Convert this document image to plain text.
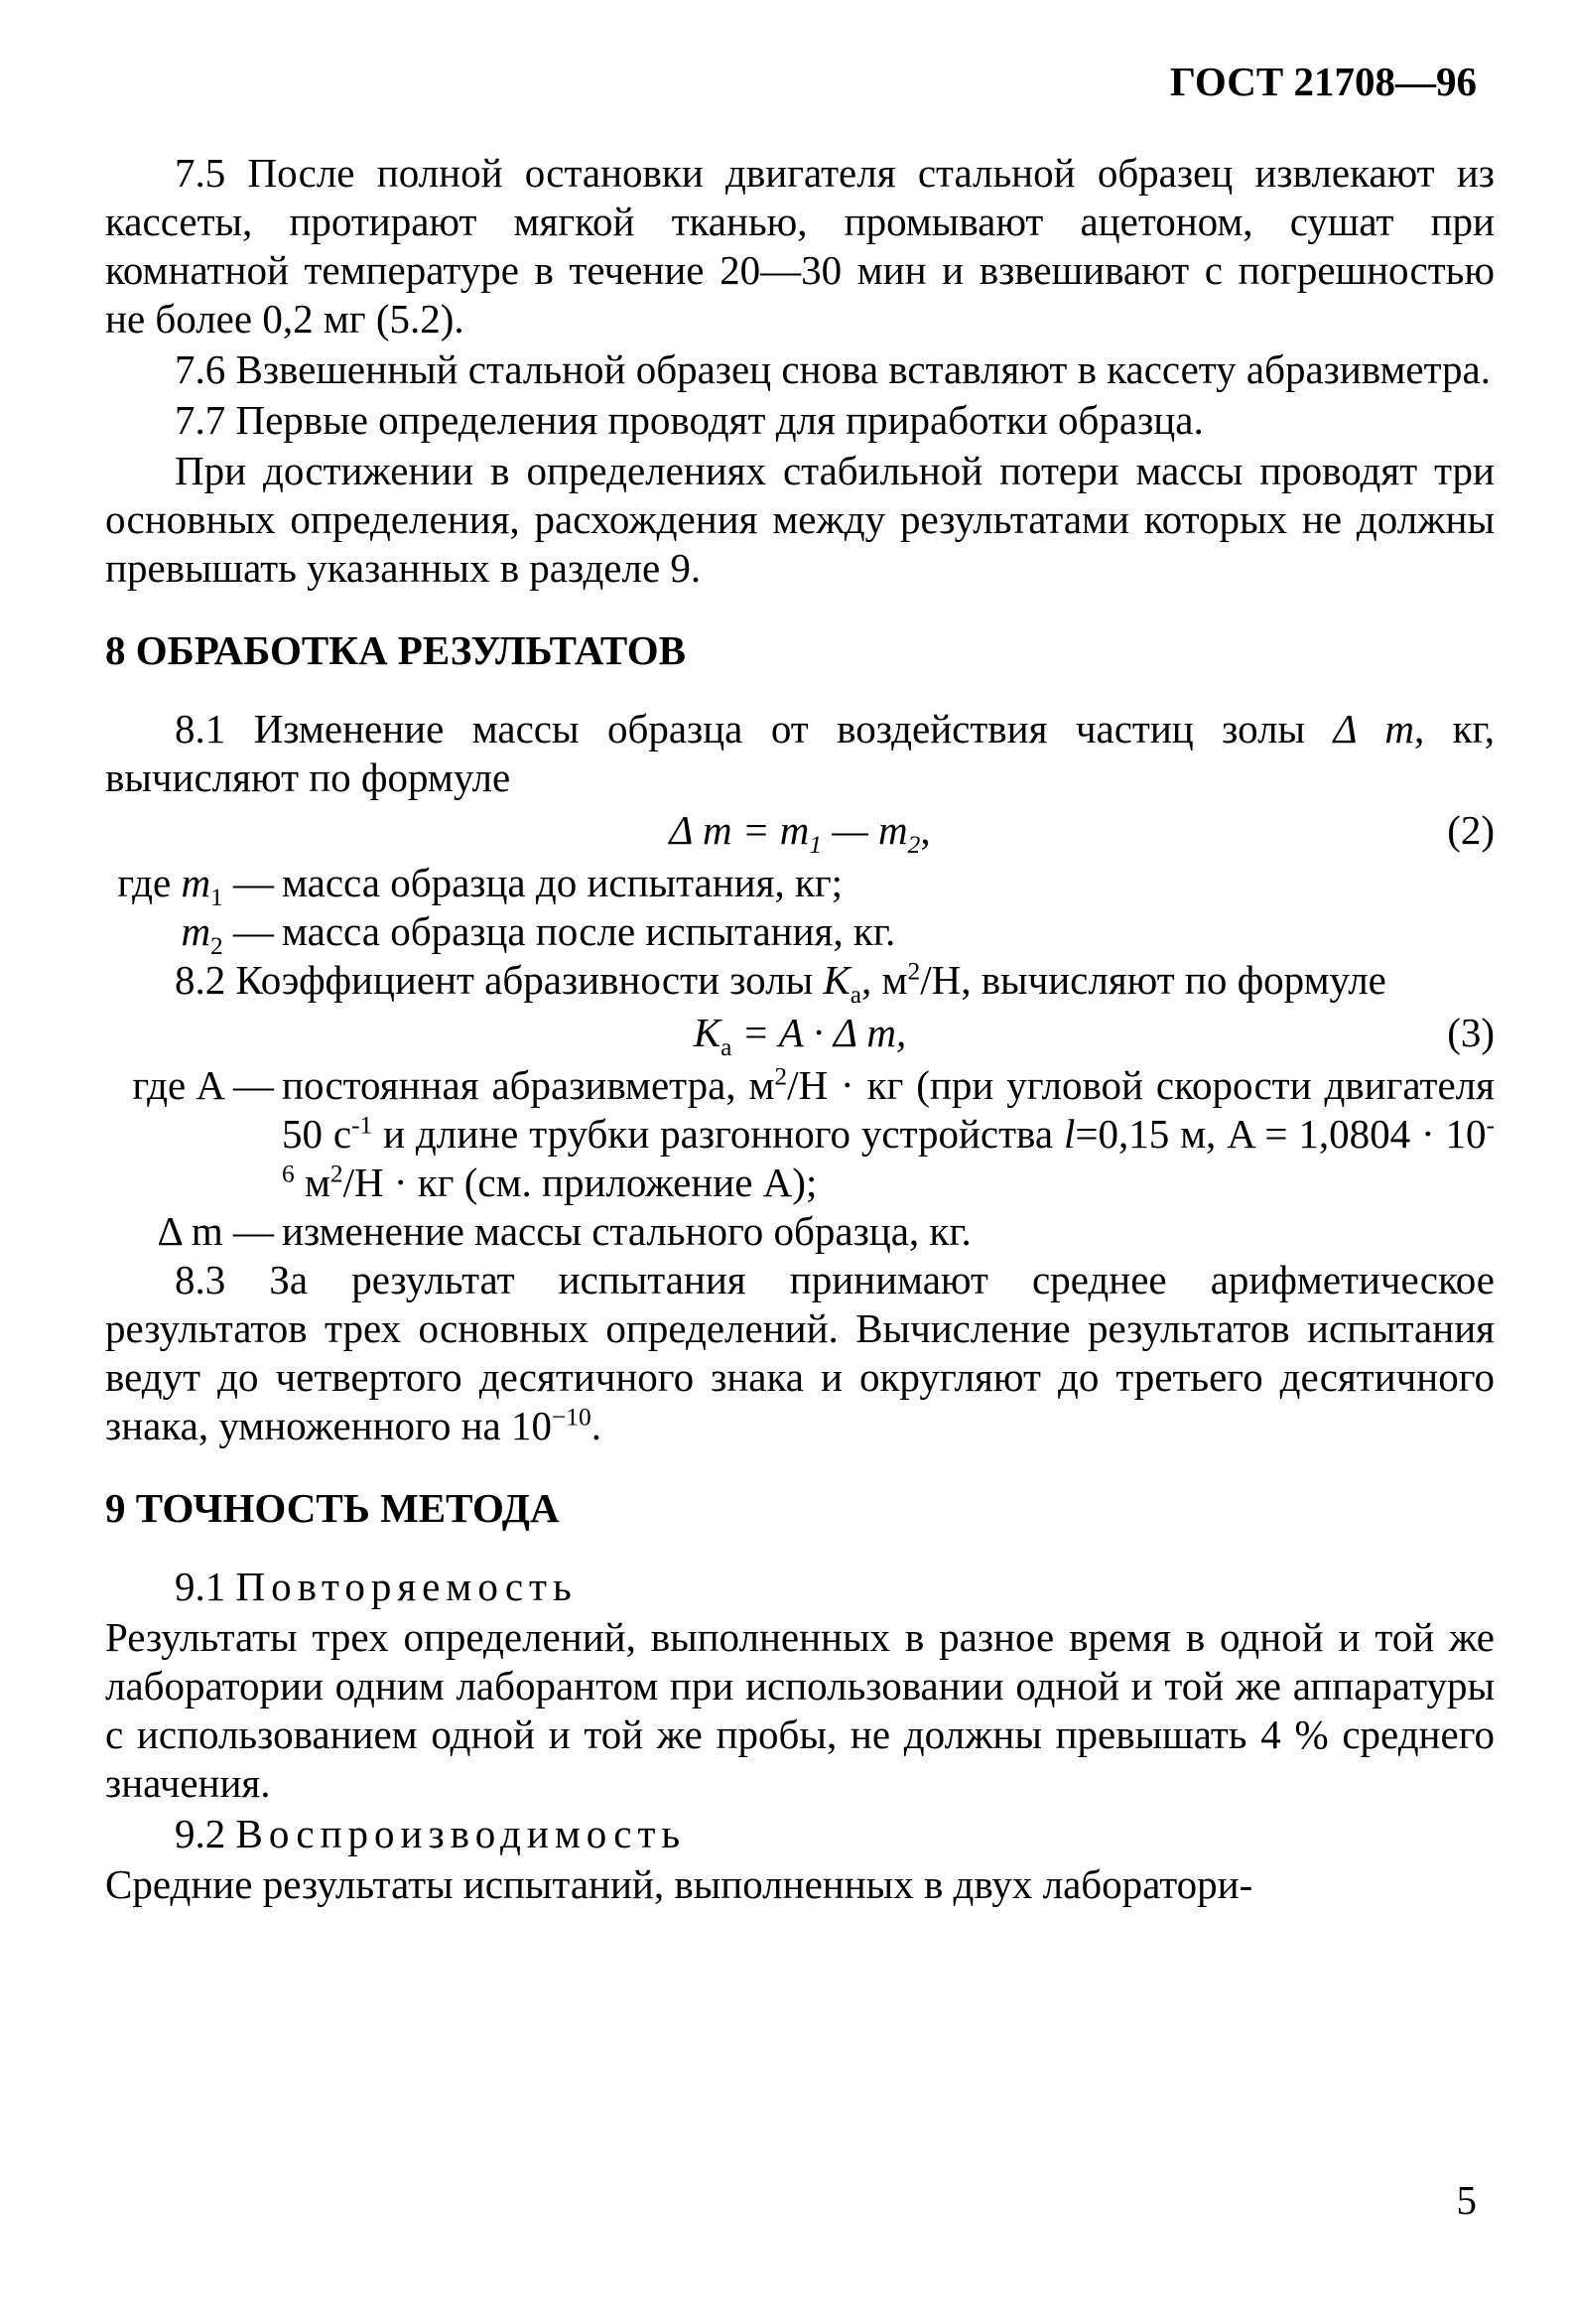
ГОСТ 21708—96

7.5 После полной остановки двигателя стальной образец извлекают из кассеты, протирают мягкой тканью, промывают ацетоном, сушат при комнатной температуре в течение 20—30 мин и взвешивают с погрешностью не более 0,2 мг (5.2).

7.6 Взвешенный стальной образец снова вставляют в кассету абразивметра.

7.7 Первые определения проводят для приработки образца.

При достижении в определениях стабильной потери массы проводят три основных определения, расхождения между результатами которых не должны превышать указанных в разделе 9.

8 ОБРАБОТКА РЕЗУЛЬТАТОВ

8.1 Изменение массы образца от воздействия частиц золы Δ m, кг, вычисляют по формуле

Δ $m = m_1$ — $m_2$,	(2)
где $m_1$ — масса образца до испытания, кг;
$m_2$ — масса образца после испытания, кг.

8.2 Коэффициент абразивности золы $K_a$, $м^2/Н$, вычисляют по формуле

$K_a = A \cdot \Delta$ m,	(3)
где A — постоянная абразивметра, $м^2/Н$ · кг (при угловой скорости двигателя 50 $с^{-1}$ и длине трубки разгонного устройства l=0,15 м, $A = 1,0804 \cdot 10^{-6}$ $м^2/Н$ · кг (см. приложение А);
Δ m — изменение массы стального образца, кг.

8.3 За результат испытания принимают среднее арифметическое результатов трех основных определений. Вычисление результатов испытания ведут до четвертого десятичного знака и округляют до третьего десятичного знака, умноженного на $10^{-10}$.

9 ТОЧНОСТЬ МЕТОДА

9.1 Повторяемость

Результаты трех определений, выполненных в разное время в одной и той же лаборатории одним лаборантом при использовании одной и той же аппаратуры с использованием одной и той же пробы, не должны превышать 4 % среднего значения.

9.2 Воспроизводимость

Средние результаты испытаний, выполненных в двух лаборатори-

5
